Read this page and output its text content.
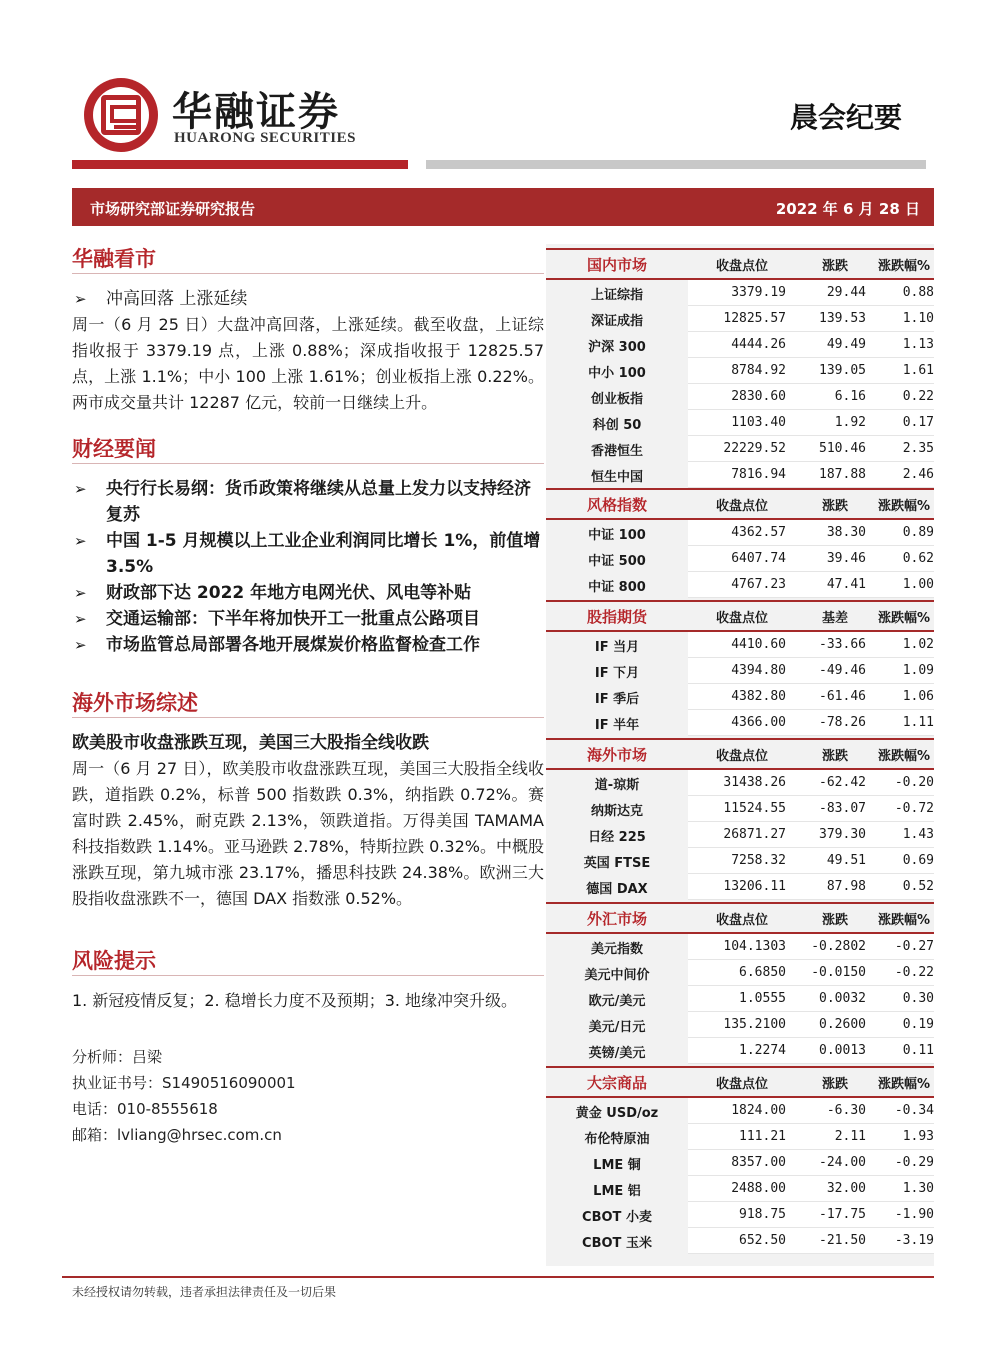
华融证券
HUARONG SECURITIES
晨会纪要
市场研究部证券研究报告	2022 年 6 月 28 日
华融看市
➢ 冲高回落 上涨延续
周一（6 月 25 日）大盘冲高回落，上涨延续。截至收盘，上证综指收报于 3379.19 点，上涨 0.88%；深成指收报于 12825.57 点，上涨 1.1%；中小 100 上涨 1.61%；创业板指上涨 0.22%。两市成交量共计 12287 亿元，较前一日继续上升。
财经要闻
➢ 央行行长易纲：货币政策将继续从总量上发力以支持经济复苏
➢ 中国 1-5 月规模以上工业企业利润同比增长 1%，前值增 3.5%
➢ 财政部下达 2022 年地方电网光伏、风电等补贴
➢ 交通运输部：下半年将加快开工一批重点公路项目
➢ 市场监管总局部署各地开展煤炭价格监督检查工作
海外市场综述
欧美股市收盘涨跌互现，美国三大股指全线收跌
周一（6 月 27 日），欧美股市收盘涨跌互现，美国三大股指全线收跌，道指跌 0.2%，标普 500 指数跌 0.3%，纳指跌 0.72%。赛富时跌 2.45%，耐克跌 2.13%，领跌道指。万得美国 TAMAMA 科技指数跌 1.14%。亚马逊跌 2.78%，特斯拉跌 0.32%。中概股涨跌互现，第九城市涨 23.17%，播思科技跌 24.38%。欧洲三大股指收盘涨跌不一，德国 DAX 指数涨 0.52%。
风险提示
1. 新冠疫情反复；2. 稳增长力度不及预期；3. 地缘冲突升级。
分析师：吕梁
执业证书号：S1490516090001
电话：010-8555618
邮箱：lvliang@hrsec.com.cn
国内市场	收盘点位	涨跌	涨跌幅%
上证综指	3379.19	29.44	0.88
深证成指	12825.57	139.53	1.10
沪深 300	4444.26	49.49	1.13
中小 100	8784.92	139.05	1.61
创业板指	2830.60	6.16	0.22
科创 50	1103.40	1.92	0.17
香港恒生	22229.52	510.46	2.35
恒生中国	7816.94	187.88	2.46
风格指数	收盘点位	涨跌	涨跌幅%
中证 100	4362.57	38.30	0.89
中证 500	6407.74	39.46	0.62
中证 800	4767.23	47.41	1.00
股指期货	收盘点位	基差	涨跌幅%
IF 当月	4410.60	-33.66	1.02
IF 下月	4394.80	-49.46	1.09
IF 季后	4382.80	-61.46	1.06
IF 半年	4366.00	-78.26	1.11
海外市场	收盘点位	涨跌	涨跌幅%
道-琼斯	31438.26	-62.42	-0.20
纳斯达克	11524.55	-83.07	-0.72
日经 225	26871.27	379.30	1.43
英国 FTSE	7258.32	49.51	0.69
德国 DAX	13206.11	87.98	0.52
外汇市场	收盘点位	涨跌	涨跌幅%
美元指数	104.1303	-0.2802	-0.27
美元中间价	6.6850	-0.0150	-0.22
欧元/美元	1.0555	0.0032	0.30
美元/日元	135.2100	0.2600	0.19
英镑/美元	1.2274	0.0013	0.11
大宗商品	收盘点位	涨跌	涨跌幅%
黄金 USD/oz	1824.00	-6.30	-0.34
布伦特原油	111.21	2.11	1.93
LME 铜	8357.00	-24.00	-0.29
LME 铝	2488.00	32.00	1.30
CBOT 小麦	918.75	-17.75	-1.90
CBOT 玉米	652.50	-21.50	-3.19
未经授权请勿转载，违者承担法律责任及一切后果
